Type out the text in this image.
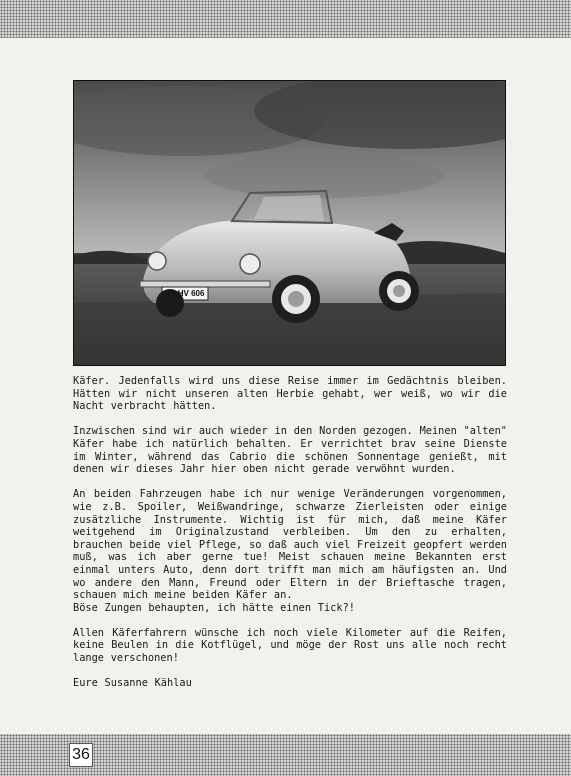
PI-HV 606

Käfer. Jedenfalls wird uns diese Reise immer im Gedächtnis bleiben. Hätten wir nicht unseren alten Herbie gehabt, wer weiß, wo wir die Nacht verbracht hätten.

Inzwischen sind wir auch wieder in den Norden gezogen. Meinen "alten" Käfer habe ich natürlich behalten. Er verrichtet brav seine Dienste im Winter, während das Cabrio die schönen Sonnentage genießt, mit denen wir dieses Jahr hier oben nicht gerade verwöhnt wurden.

An beiden Fahrzeugen habe ich nur wenige Veränderungen vorgenommen, wie z.B. Spoiler, Weißwandringe, schwarze Zierleisten oder einige zusätzliche Instrumente. Wichtig ist für mich, daß meine Käfer weitgehend im Originalzustand verbleiben. Um den zu erhalten, brauchen beide viel Pflege, so daß auch viel Freizeit geopfert werden muß, was ich aber gerne tue! Meist schauen meine Bekannten erst einmal unters Auto, denn dort trifft man mich am häufigsten an. Und wo andere den Mann, Freund oder Eltern in der Brieftasche tragen, schauen mich meine beiden Käfer an.

Böse Zungen behaupten, ich hätte einen Tick?!

Allen Käferfahrern wünsche ich noch viele Kilometer auf die Reifen, keine Beulen in die Kotflügel, und möge der Rost uns alle noch recht lange verschonen!

Eure Susanne Kählau

36
